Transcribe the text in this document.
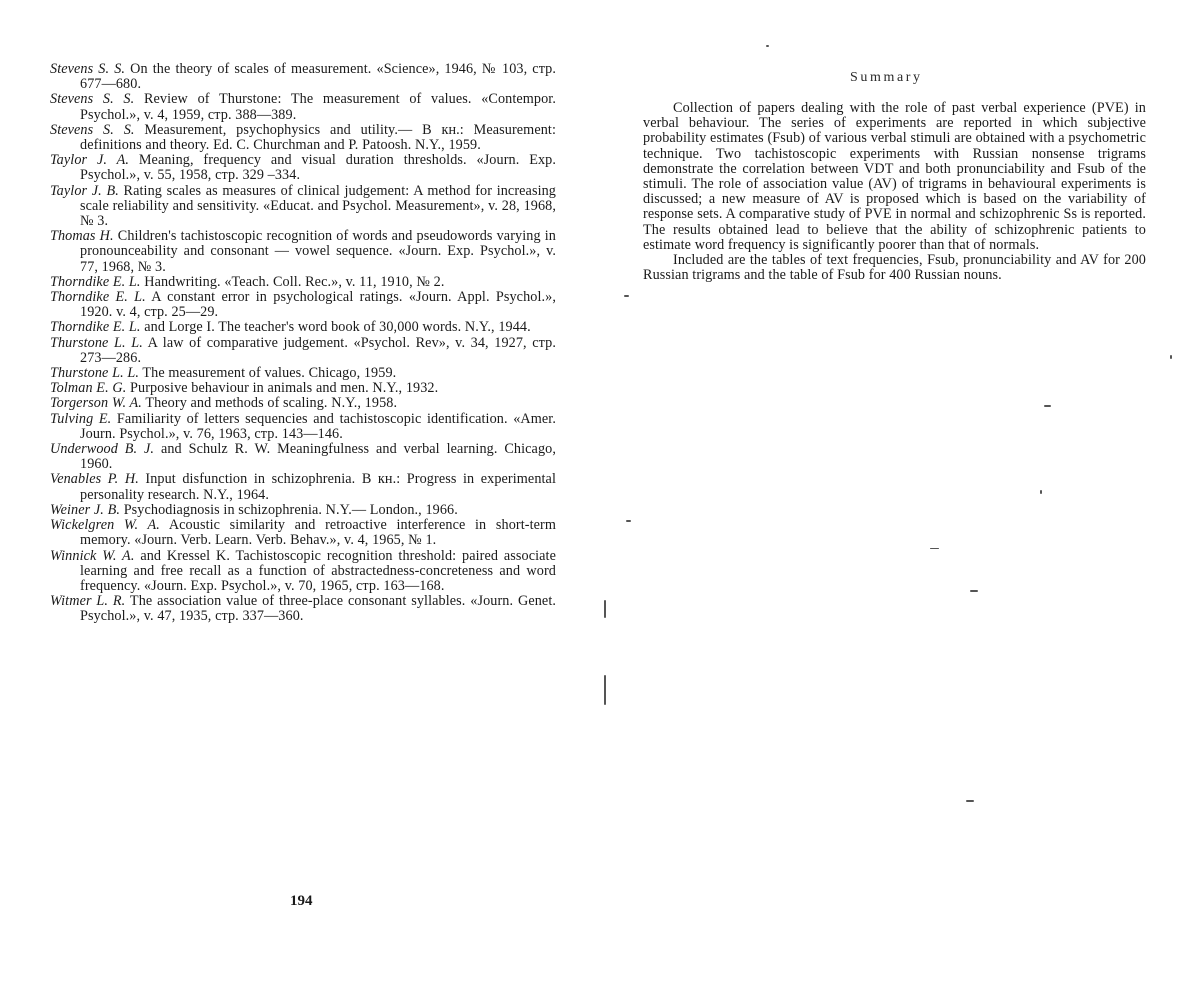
Stevens S. S. On the theory of scales of measurement. «Science», 1946, № 103, стр. 677—680.

Stevens S. S. Review of Thurstone: The measurement of values. «Contempor. Psychol.», v. 4, 1959, стр. 388—389.

Stevens S. S. Measurement, psychophysics and utility.— В кн.: Measurement: definitions and theory. Ed. C. Churchman and P. Patoosh. N.Y., 1959.

Taylor J. A. Meaning, frequency and visual duration thresholds. «Journ. Exp. Psychol.», v. 55, 1958, стр. 329 –334.

Taylor J. B. Rating scales as measures of clinical judgement: A method for increasing scale reliability and sensitivity. «Educat. and Psychol. Measurement», v. 28, 1968, № 3.

Thomas H. Children's tachistoscopic recognition of words and pseudowords varying in pronounceability and consonant — vowel sequence. «Journ. Exp. Psychol.», v. 77, 1968, № 3.

Thorndike E. L. Handwriting. «Teach. Coll. Rec.», v. 11, 1910, № 2.

Thorndike E. L. A constant error in psychological ratings. «Journ. Appl. Psychol.», 1920. v. 4, стр. 25—29.

Thorndike E. L. and Lorge I. The teacher's word book of 30,000 words. N.Y., 1944.

Thurstone L. L. A law of comparative judgement. «Psychol. Rev», v. 34, 1927, стр. 273—286.

Thurstone L. L. The measurement of values. Chicago, 1959.

Tolman E. G. Purposive behaviour in animals and men. N.Y., 1932.

Torgerson W. A. Theory and methods of scaling. N.Y., 1958.

Tulving E. Familiarity of letters sequencies and tachistoscopic identification. «Amer. Journ. Psychol.», v. 76, 1963, стр. 143—146.

Underwood B. J. and Schulz R. W. Meaningfulness and verbal learning. Chicago, 1960.

Venables P. H. Input disfunction in schizophrenia. В кн.: Progress in experimental personality research. N.Y., 1964.

Weiner J. B. Psychodiagnosis in schizophrenia. N.Y.— London., 1966.

Wickelgren W. A. Acoustic similarity and retroactive interference in short-term memory. «Journ. Verb. Learn. Verb. Behav.», v. 4, 1965, № 1.

Winnick W. A. and Kressel K. Tachistoscopic recognition threshold: paired associate learning and free recall as a function of abstractedness-concreteness and word frequency. «Journ. Exp. Psychol.», v. 70, 1965, стр. 163—168.

Witmer L. R. The association value of three-place consonant syllables. «Journ. Genet. Psychol.», v. 47, 1935, стр. 337—360.

194
Summary

Collection of papers dealing with the role of past verbal experience (PVE) in verbal behaviour. The series of experiments are reported in which subjective probability estimates (Fsub) of various verbal stimuli are obtained with a psychometric technique. Two tachistoscopic experiments with Russian nonsense trigrams demonstrate the correlation between VDT and both pronunciability and Fsub of the stimuli. The role of association value (AV) of trigrams in behavioural experiments is discussed; a new measure of AV is proposed which is based on the variability of response sets. A comparative study of PVE in normal and schizophrenic Ss is reported. The results obtained lead to believe that the ability of schizophrenic patients to estimate word frequency is significantly poorer than that of normals.

Included are the tables of text frequencies, Fsub, pronunciability and AV for 200 Russian trigrams and the table of Fsub for 400 Russian nouns.
